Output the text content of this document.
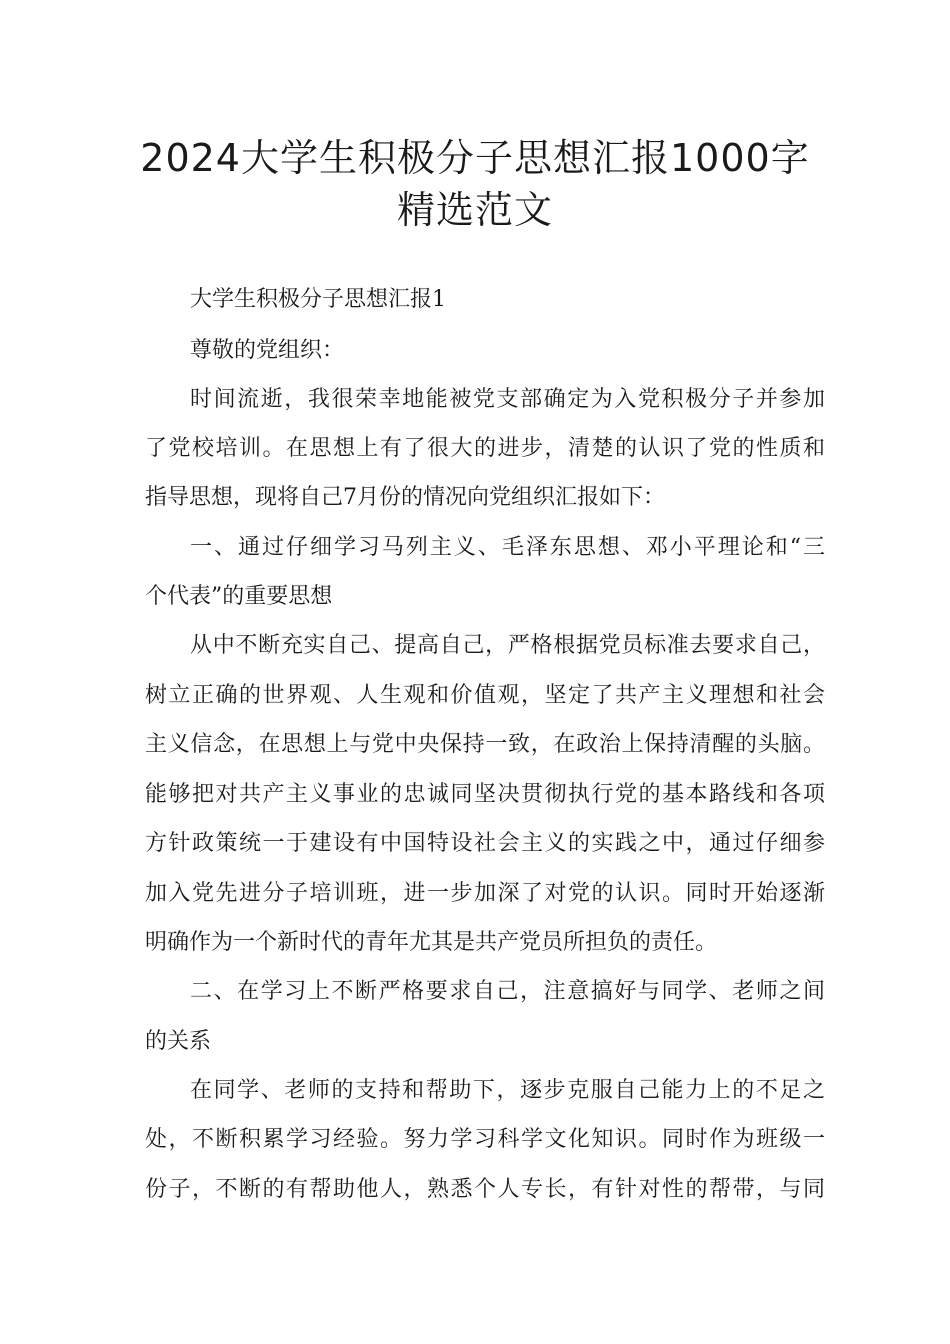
2024大学生积极分子思想汇报1000字
精选范文

大学生积极分子思想汇报1

尊敬的党组织：

时间流逝，我很荣幸地能被党支部确定为入党积极分子并参加

了党校培训。在思想上有了很大的进步，清楚的认识了党的性质和

指导思想，现将自己7月份的情况向党组织汇报如下：

一、通过仔细学习马列主义、毛泽东思想、邓小平理论和“三

个代表”的重要思想

从中不断充实自己、提高自己，严格根据党员标准去要求自己，

树立正确的世界观、人生观和价值观，坚定了共产主义理想和社会

主义信念，在思想上与党中央保持一致，在政治上保持清醒的头脑。

能够把对共产主义事业的忠诚同坚决贯彻执行党的基本路线和各项

方针政策统一于建设有中国特设社会主义的实践之中，通过仔细参

加入党先进分子培训班，进一步加深了对党的认识。同时开始逐渐

明确作为一个新时代的青年尤其是共产党员所担负的责任。

二、在学习上不断严格要求自己，注意搞好与同学、老师之间

的关系

在同学、老师的支持和帮助下，逐步克服自己能力上的不足之

处，不断积累学习经验。努力学习科学文化知识。同时作为班级一

份子，不断的有帮助他人，熟悉个人专长，有针对性的帮带，与同
